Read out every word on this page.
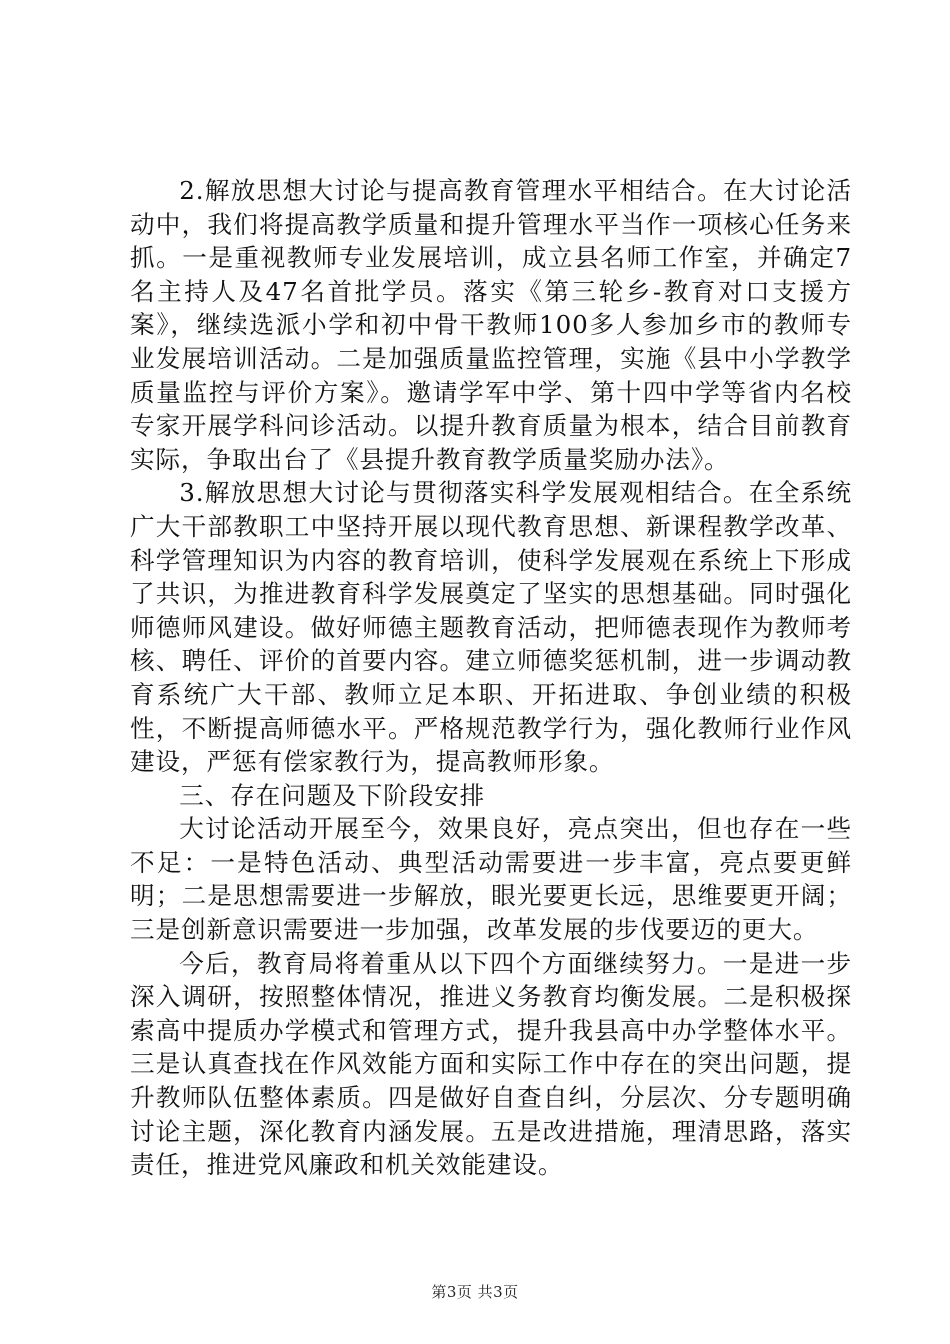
2.解放思想大讨论与提高教育管理水平相结合。在大讨论活动中，我们将提高教学质量和提升管理水平当作一项核心任务来抓。一是重视教师专业发展培训，成立县名师工作室，并确定7名主持人及47名首批学员。落实《第三轮乡-教育对口支援方案》，继续选派小学和初中骨干教师100多人参加乡市的教师专业发展培训活动。二是加强质量监控管理，实施《县中小学教学质量监控与评价方案》。邀请学军中学、第十四中学等省内名校专家开展学科问诊活动。以提升教育质量为根本，结合目前教育实际，争取出台了《县提升教育教学质量奖励办法》。

3.解放思想大讨论与贯彻落实科学发展观相结合。在全系统广大干部教职工中坚持开展以现代教育思想、新课程教学改革、科学管理知识为内容的教育培训，使科学发展观在系统上下形成了共识，为推进教育科学发展奠定了坚实的思想基础。同时强化师德师风建设。做好师德主题教育活动，把师德表现作为教师考核、聘任、评价的首要内容。建立师德奖惩机制，进一步调动教育系统广大干部、教师立足本职、开拓进取、争创业绩的积极性，不断提高师德水平。严格规范教学行为，强化教师行业作风建设，严惩有偿家教行为，提高教师形象。

三、存在问题及下阶段安排

大讨论活动开展至今，效果良好，亮点突出，但也存在一些不足：一是特色活动、典型活动需要进一步丰富，亮点要更鲜明；二是思想需要进一步解放，眼光要更长远，思维要更开阔；三是创新意识需要进一步加强，改革发展的步伐要迈的更大。

今后，教育局将着重从以下四个方面继续努力。一是进一步深入调研，按照整体情况，推进义务教育均衡发展。二是积极探索高中提质办学模式和管理方式，提升我县高中办学整体水平。三是认真查找在作风效能方面和实际工作中存在的突出问题，提升教师队伍整体素质。四是做好自查自纠，分层次、分专题明确讨论主题，深化教育内涵发展。五是改进措施，理清思路，落实责任，推进党风廉政和机关效能建设。

第3页 共3页
